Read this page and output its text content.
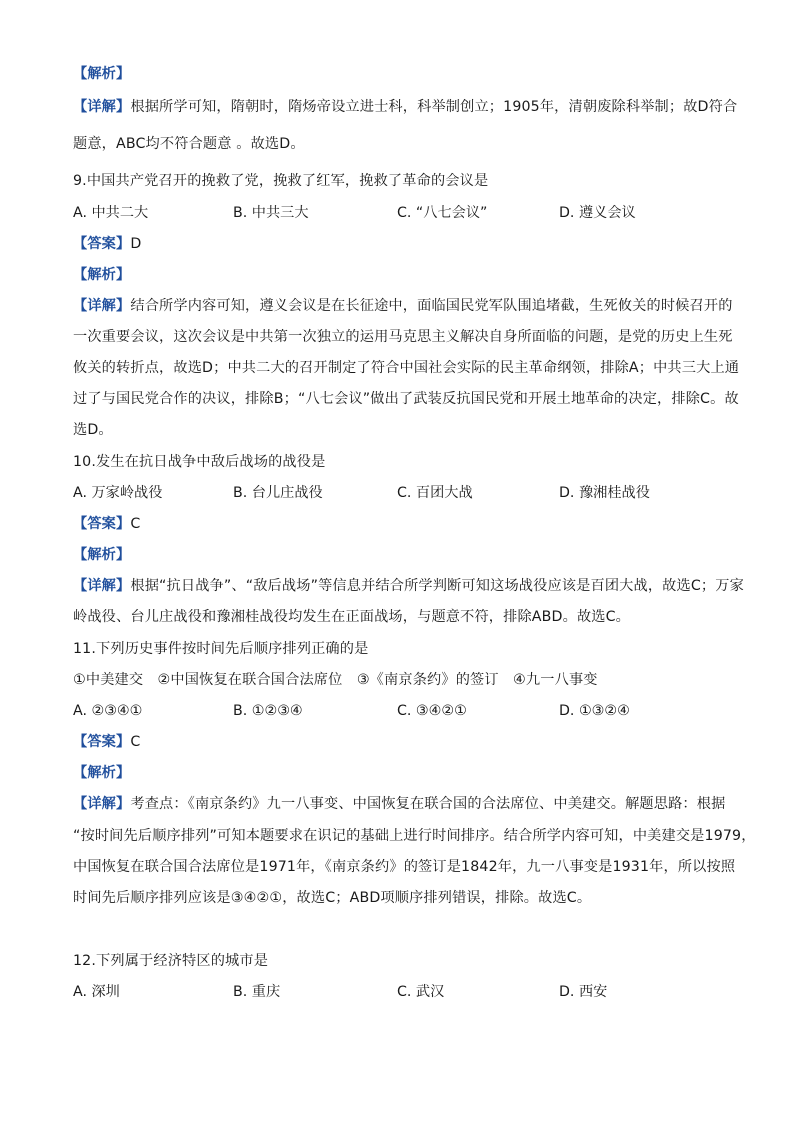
【解析】
【详解】根据所学可知，隋朝时，隋炀帝设立进士科，科举制创立；1905年，清朝废除科举制；故D符合
题意，ABC均不符合题意 。故选D。
9.中国共产党召开的挽救了党，挽救了红军，挽救了革命的会议是
A. 中共二大	B. 中共三大	C. “八七会议”	D. 遵义会议
【答案】D
【解析】
【详解】结合所学内容可知，遵义会议是在长征途中，面临国民党军队围追堵截，生死攸关的时候召开的
一次重要会议，这次会议是中共第一次独立的运用马克思主义解决自身所面临的问题，是党的历史上生死
攸关的转折点，故选D；中共二大的召开制定了符合中国社会实际的民主革命纲领，排除A；中共三大上通
过了与国民党合作的决议，排除B；“八七会议”做出了武装反抗国民党和开展土地革命的决定，排除C。故
选D。
10.发生在抗日战争中敌后战场的战役是
A. 万家岭战役	B. 台儿庄战役	C. 百团大战	D. 豫湘桂战役
【答案】C
【解析】
【详解】根据“抗日战争”、“敌后战场”等信息并结合所学判断可知这场战役应该是百团大战，故选C；万家
岭战役、台儿庄战役和豫湘桂战役均发生在正面战场，与题意不符，排除ABD。故选C。
11.下列历史事件按时间先后顺序排列正确的是
①中美建交　②中国恢复在联合国合法席位　③《南京条约》的签订　④九一八事变
A. ②③④①	B. ①②③④	C. ③④②①	D. ①③②④
【答案】C
【解析】
【详解】考查点：《南京条约》九一八事变、中国恢复在联合国的合法席位、中美建交。解题思路：根据
“按时间先后顺序排列”可知本题要求在识记的基础上进行时间排序。结合所学内容可知，中美建交是1979，
中国恢复在联合国合法席位是1971年，《南京条约》的签订是1842年，九一八事变是1931年，所以按照
时间先后顺序排列应该是③④②①，故选C；ABD项顺序排列错误，排除。故选C。
12.下列属于经济特区的城市是
A. 深圳	B. 重庆	C. 武汉	D. 西安
